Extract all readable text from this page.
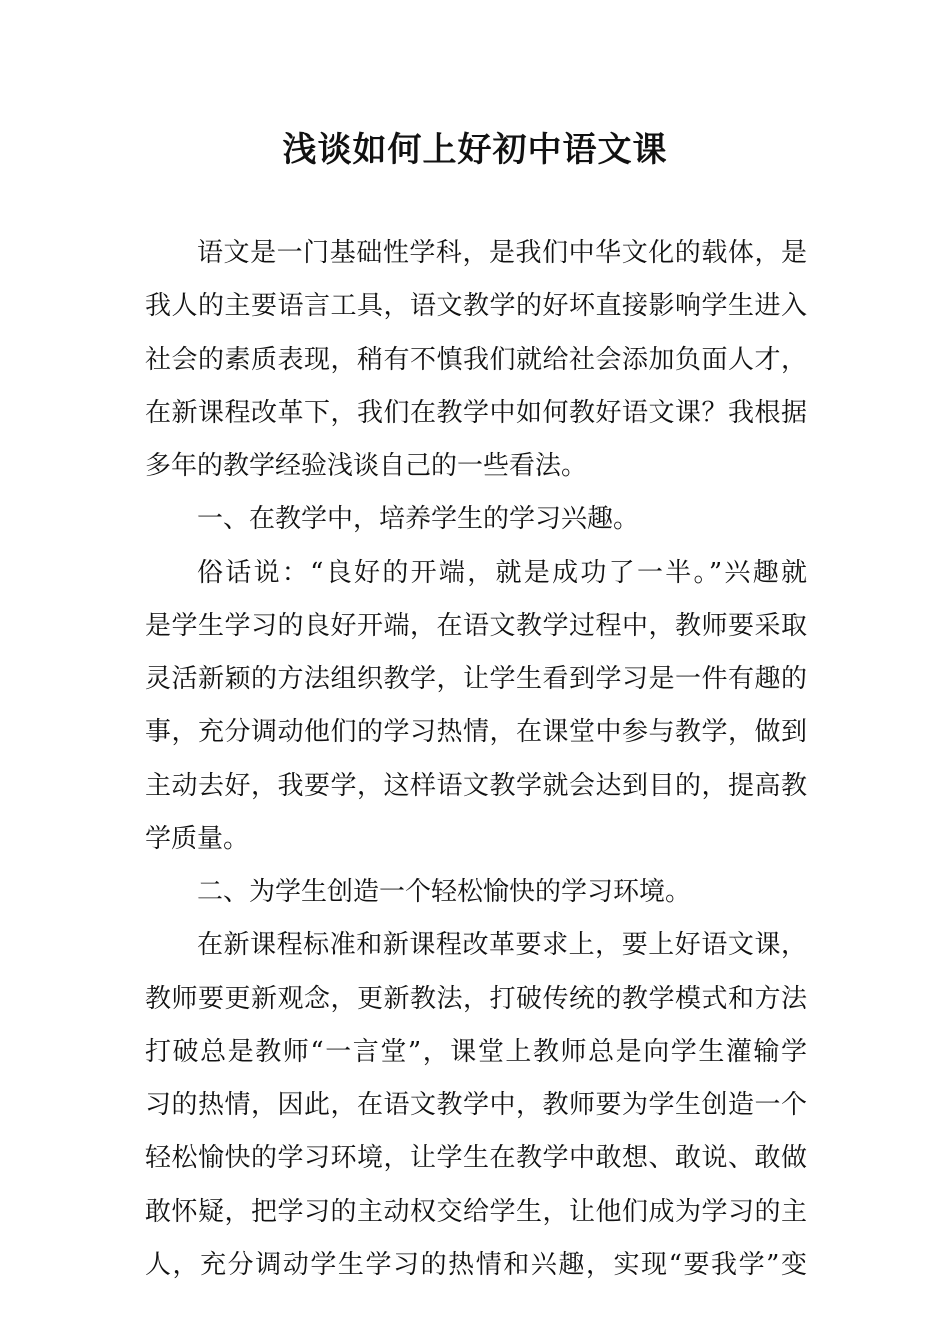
浅谈如何上好初中语文课
语文是一门基础性学科，是我们中华文化的载体，是
我人的主要语言工具，语文教学的好坏直接影响学生进入
社会的素质表现，稍有不慎我们就给社会添加负面人才，
在新课程改革下，我们在教学中如何教好语文课？我根据
多年的教学经验浅谈自己的一些看法。
一、在教学中，培养学生的学习兴趣。
俗话说：“良好的开端，就是成功了一半。”兴趣就
是学生学习的良好开端，在语文教学过程中，教师要采取
灵活新颖的方法组织教学，让学生看到学习是一件有趣的
事，充分调动他们的学习热情，在课堂中参与教学，做到
主动去好，我要学，这样语文教学就会达到目的，提高教
学质量。
二、为学生创造一个轻松愉快的学习环境。
在新课程标准和新课程改革要求上，要上好语文课，
教师要更新观念，更新教法，打破传统的教学模式和方法
打破总是教师“一言堂”，课堂上教师总是向学生灌输学
习的热情，因此，在语文教学中，教师要为学生创造一个
轻松愉快的学习环境，让学生在教学中敢想、敢说、敢做
敢怀疑，把学习的主动权交给学生，让他们成为学习的主
人，充分调动学生学习的热情和兴趣，实现“要我学”变
